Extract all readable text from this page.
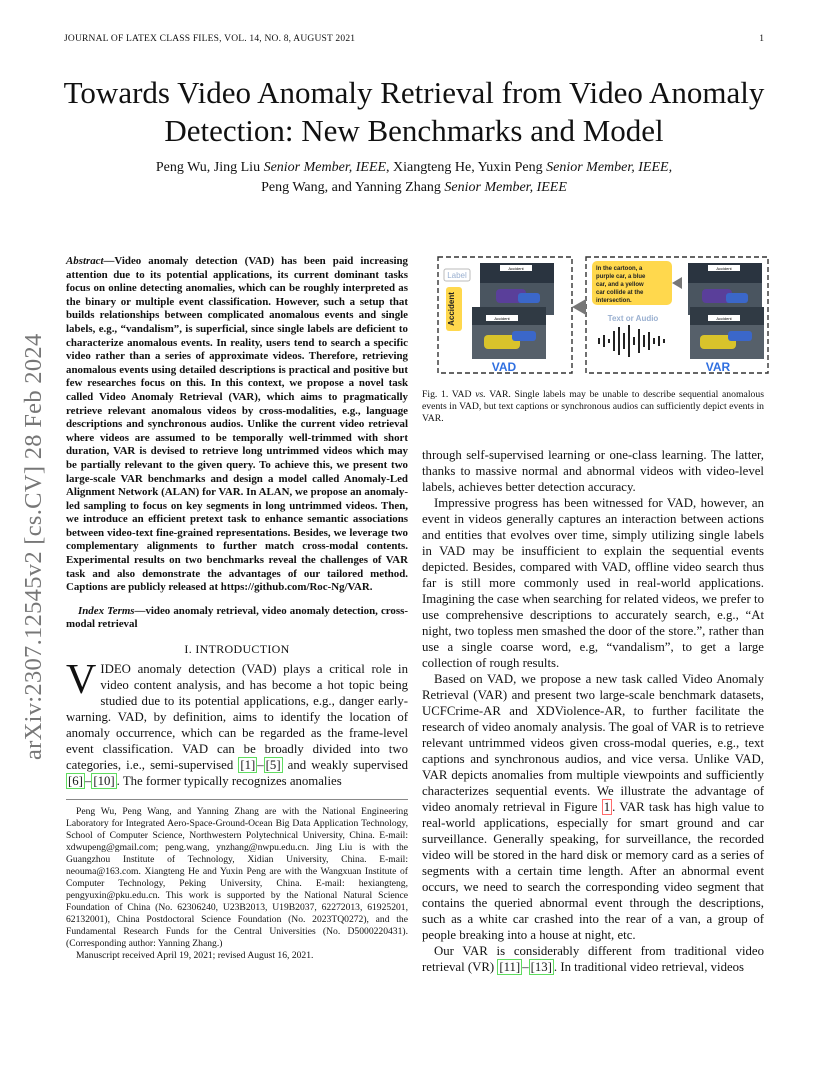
JOURNAL OF LATEX CLASS FILES, VOL. 14, NO. 8, AUGUST 2021	1
Towards Video Anomaly Retrieval from Video Anomaly Detection: New Benchmarks and Model
Peng Wu, Jing Liu Senior Member, IEEE, Xiangteng He, Yuxin Peng Senior Member, IEEE,
Peng Wang, and Yanning Zhang Senior Member, IEEE
arXiv:2307.12545v2 [cs.CV] 28 Feb 2024
Abstract—Video anomaly detection (VAD) has been paid increasing attention due to its potential applications, its current dominant tasks focus on online detecting anomalies, which can be roughly interpreted as the binary or multiple event classification. However, such a setup that builds relationships between complicated anomalous events and single labels, e.g., “vandalism”, is superficial, since single labels are deficient to characterize anomalous events. In reality, users tend to search a specific video rather than a series of approximate videos. Therefore, retrieving anomalous events using detailed descriptions is practical and positive but few researches focus on this. In this context, we propose a novel task called Video Anomaly Retrieval (VAR), which aims to pragmatically retrieve relevant anomalous videos by cross-modalities, e.g., language descriptions and synchronous audios. Unlike the current video retrieval where videos are assumed to be temporally well-trimmed with short duration, VAR is devised to retrieve long untrimmed videos which may be partially relevant to the given query. To achieve this, we present two large-scale VAR benchmarks and design a model called Anomaly-Led Alignment Network (ALAN) for VAR. In ALAN, we propose an anomaly-led sampling to focus on key segments in long untrimmed videos. Then, we introduce an efficient pretext task to enhance semantic associations between video-text fine-grained representations. Besides, we leverage two complementary alignments to further match cross-modal contents. Experimental results on two benchmarks reveal the challenges of VAR task and also demonstrate the advantages of our tailored method. Captions are publicly released at https://github.com/Roc-Ng/VAR.
Index Terms—video anomaly retrieval, video anomaly detection, cross-modal retrieval
I. INTRODUCTION
VIDEO anomaly detection (VAD) plays a critical role in video content analysis, and has become a hot topic being studied due to its potential applications, e.g., danger early-warning. VAD, by definition, aims to identify the location of anomaly occurrence, which can be regarded as the frame-level event classification. VAD can be broadly divided into two categories, i.e., semi-supervised [1] – [5] and weakly supervised [6] – [10] . The former typically recognizes anomalies

Peng Wu, Peng Wang, and Yanning Zhang are with the National Engineering Laboratory for Integrated Aero-Space-Ground-Ocean Big Data Application Technology, School of Computer Science, Northwestern Polytechnical University, China. E-mail: xdwupeng@gmail.com; peng.wang, ynzhang@nwpu.edu.cn. Jing Liu is with the Guangzhou Institute of Technology, Xidian University, China. E-mail: neouma@163.com. Xiangteng He and Yuxin Peng are with the Wangxuan Institute of Computer Technology, Peking University, China. E-mail: hexiangteng, pengyuxin@pku.edu.cn. This work is supported by the National Natural Science Foundation of China (No. 62306240, U23B2013, U19B2037, 62272013, 61925201, 62132001), China Postdoctoral Science Foundation (No. 2023TQ0272), and the Fundamental Research Funds for the Central Universities (No. D5000220431). (Corresponding author: Yanning Zhang.)

Manuscript received April 19, 2021; revised August 16, 2021.

Label
Accident
Accident
Accident
VAD
In the cartoon, a purple car, a blue car, and a yellow car collide at the intersection.
Text or Audio
Accident
Accident
VAR
Fig. 1. VAD vs. VAR. Single labels may be unable to describe sequential anomalous events in VAD, but text captions or synchronous audios can sufficiently depict events in VAR.

through self-supervised learning or one-class learning. The latter, thanks to massive normal and abnormal videos with video-level labels, achieves better detection accuracy.

Impressive progress has been witnessed for VAD, however, an event in videos generally captures an interaction between actions and entities that evolves over time, simply utilizing single labels in VAD may be insufficient to explain the sequential events depicted. Besides, compared with VAD, offline video search thus far is still more commonly used in real-world applications. Imagining the case when searching for related videos, we prefer to use comprehensive descriptions to accurately search, e.g., “At night, two topless men smashed the door of the store.”, rather than use a single coarse word, e.g, “vandalism”, to get a large collection of rough results.

Based on VAD, we propose a new task called Video Anomaly Retrieval (VAR) and present two large-scale benchmark datasets, UCFCrime-AR and XDViolence-AR, to further facilitate the research of video anomaly analysis. The goal of VAR is to retrieve relevant untrimmed videos given cross-modal queries, e.g., text captions and synchronous audios, and vice versa. Unlike VAD, VAR depicts anomalies from multiple viewpoints and sufficiently characterizes sequential events. We illustrate the advantage of video anomaly retrieval in Figure 1 . VAR task has high value to real-world applications, especially for smart ground and car surveillance. Generally speaking, for surveillance, the recorded video will be stored in the hard disk or memory card as a series of segments with a certain time length. After an abnormal event occurs, we need to search the corresponding video segment that contains the queried abnormal event through the descriptions, such as a white car crashed into the rear of a van, a group of people breaking into a house at night, etc.

Our VAR is considerably different from traditional video retrieval (VR) [11] – [13] . In traditional video retrieval, videos
